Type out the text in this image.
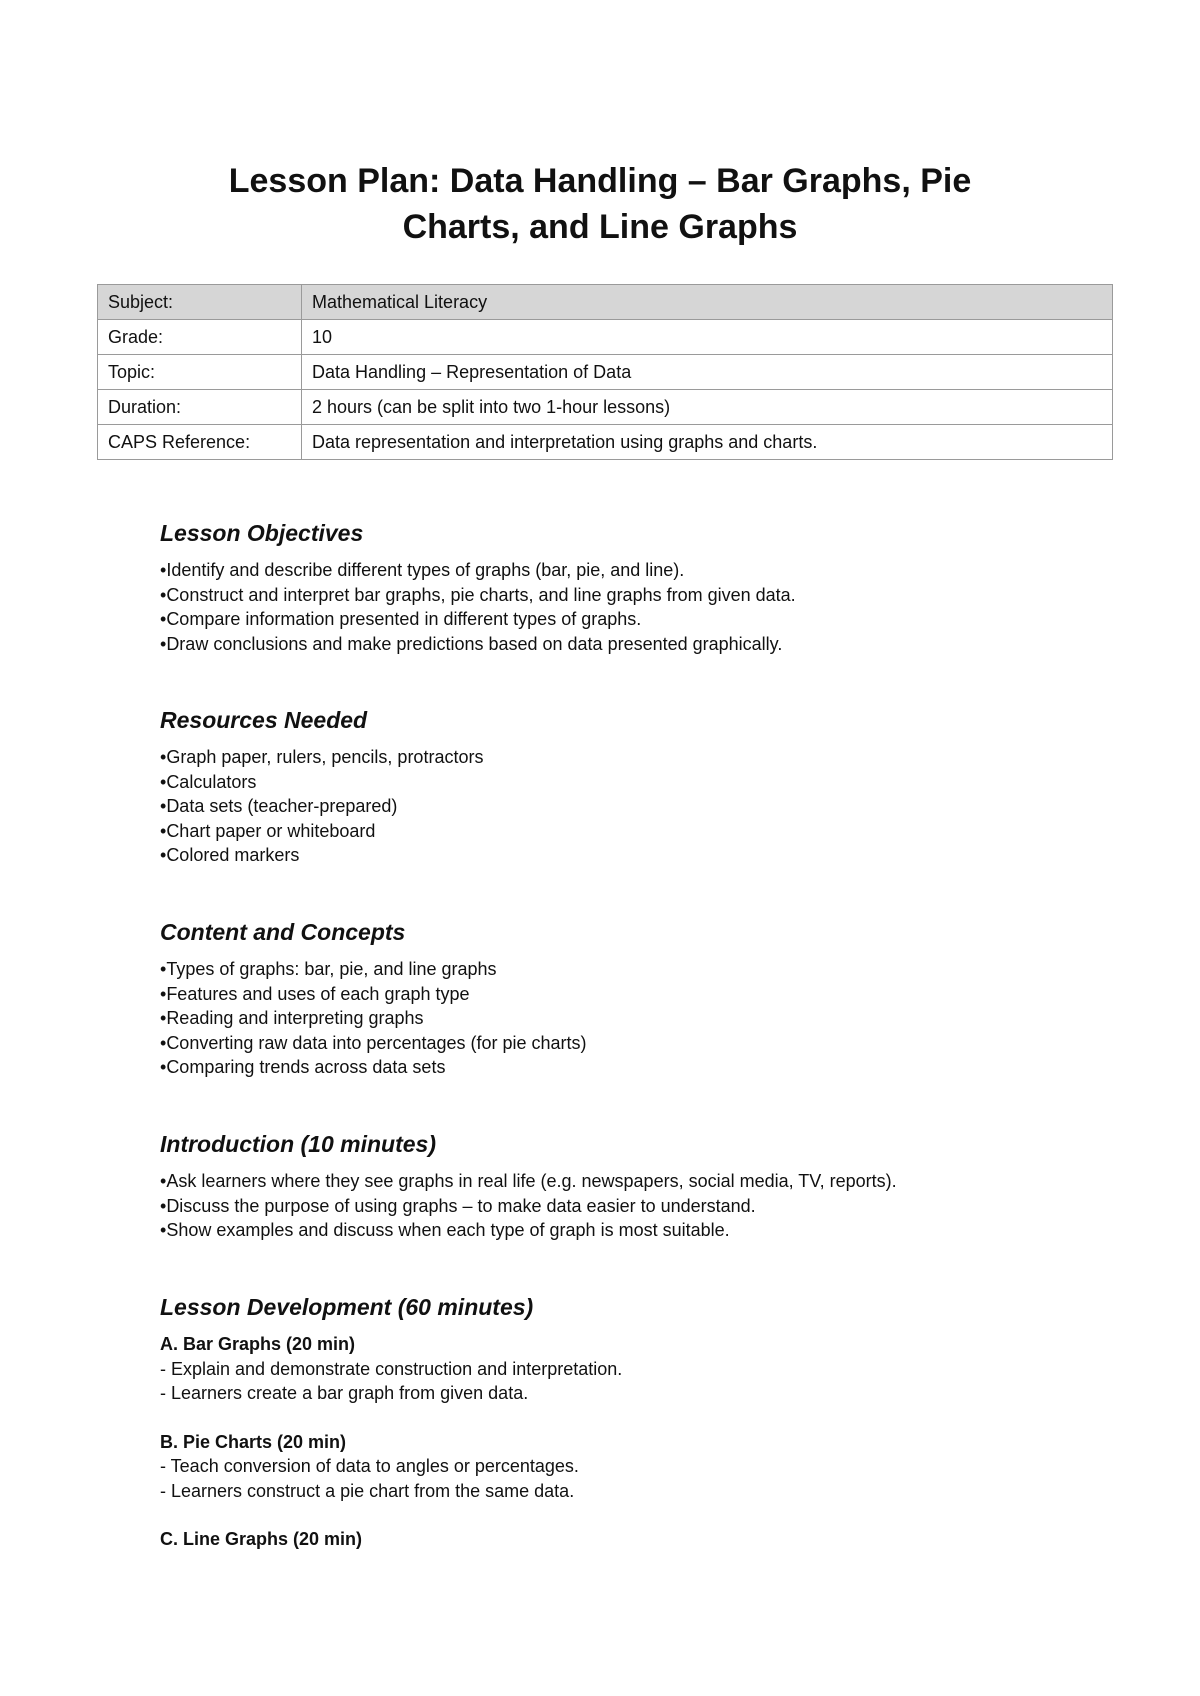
Lesson Plan: Data Handling – Bar Graphs, Pie
Charts, and Line Graphs
Subject:	Mathematical Literacy
Grade:	10
Topic:	Data Handling – Representation of Data
Duration:	2 hours (can be split into two 1-hour lessons)
CAPS Reference:	Data representation and interpretation using graphs and charts.
Lesson Objectives
• Identify and describe different types of graphs (bar, pie, and line).
• Construct and interpret bar graphs, pie charts, and line graphs from given data.
• Compare information presented in different types of graphs.
• Draw conclusions and make predictions based on data presented graphically.
Resources Needed
• Graph paper, rulers, pencils, protractors
• Calculators
• Data sets (teacher-prepared)
• Chart paper or whiteboard
• Colored markers
Content and Concepts
• Types of graphs: bar, pie, and line graphs
• Features and uses of each graph type
• Reading and interpreting graphs
• Converting raw data into percentages (for pie charts)
• Comparing trends across data sets
Introduction (10 minutes)
• Ask learners where they see graphs in real life (e.g. newspapers, social media, TV, reports).
• Discuss the purpose of using graphs – to make data easier to understand.
• Show examples and discuss when each type of graph is most suitable.
Lesson Development (60 minutes)
A. Bar Graphs (20 min)

- Explain and demonstrate construction and interpretation.

- Learners create a bar graph from given data.

B. Pie Charts (20 min)

- Teach conversion of data to angles or percentages.

- Learners construct a pie chart from the same data.

C. Line Graphs (20 min)
